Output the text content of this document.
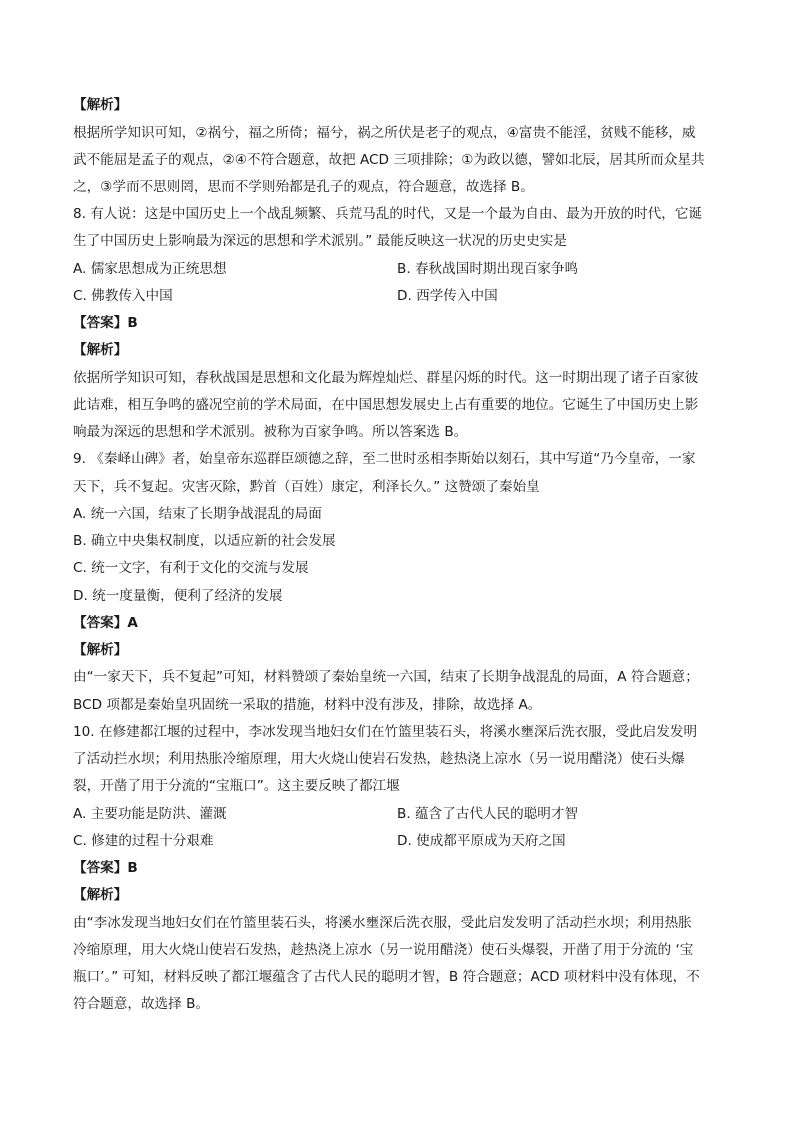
【解析】
根据所学知识可知，②祸兮，福之所倚；福兮，祸之所伏是老子的观点，④富贵不能淫，贫贱不能移，威
武不能屈是孟子的观点，②④不符合题意，故把 ACD 三项排除；①为政以德，譬如北辰，居其所而众星共
之，③学而不思则罔，思而不学则殆都是孔子的观点，符合题意，故选择 B。
8. 有人说：这是中国历史上一个战乱频繁、兵荒马乱的时代，又是一个最为自由、最为开放的时代，它诞
生了中国历史上影响最为深远的思想和学术派别。” 最能反映这一状况的历史史实是
A. 儒家思想成为正统思想	B. 春秋战国时期出现百家争鸣
C. 佛教传入中国	D. 西学传入中国
【答案】B
【解析】
依据所学知识可知，春秋战国是思想和文化最为辉煌灿烂、群星闪烁的时代。这一时期出现了诸子百家彼
此诘难，相互争鸣的盛况空前的学术局面，在中国思想发展史上占有重要的地位。它诞生了中国历史上影
响最为深远的思想和学术派别。被称为百家争鸣。所以答案选 B。
9. 《秦峄山碑》者，始皇帝东巡群臣颂德之辞，至二世时丞相李斯始以刻石，其中写道“乃今皇帝，一家
天下，兵不复起。灾害灭除，黔首（百姓）康定，利泽长久。” 这赞颂了秦始皇
A. 统一六国，结束了长期争战混乱的局面
B. 确立中央集权制度，以适应新的社会发展
C. 统一文字，有利于文化的交流与发展
D. 统一度量衡，便利了经济的发展
【答案】A
【解析】
由“一家天下，兵不复起”可知，材料赞颂了秦始皇统一六国，结束了长期争战混乱的局面，A 符合题意；
BCD 项都是秦始皇巩固统一采取的措施，材料中没有涉及，排除，故选择 A。
10. 在修建都江堰的过程中，李冰发现当地妇女们在竹篮里装石头，将溪水壅深后洗衣服，受此启发发明
了活动拦水坝；利用热胀冷缩原理，用大火烧山使岩石发热，趁热浇上凉水（另一说用醋浇）使石头爆
裂，开凿了用于分流的“宝瓶口”。这主要反映了都江堰
A. 主要功能是防洪、灌溉	B. 蕴含了古代人民的聪明才智
C. 修建的过程十分艰难	D. 使成都平原成为天府之国
【答案】B
【解析】
由“李冰发现当地妇女们在竹篮里装石头，将溪水壅深后洗衣服，受此启发发明了活动拦水坝；利用热胀
冷缩原理，用大火烧山使岩石发热，趁热浇上凉水（另一说用醋浇）使石头爆裂，开凿了用于分流的 ‘宝
瓶口’。” 可知，材料反映了都江堰蕴含了古代人民的聪明才智，B 符合题意；ACD 项材料中没有体现，不
符合题意，故选择 B。
